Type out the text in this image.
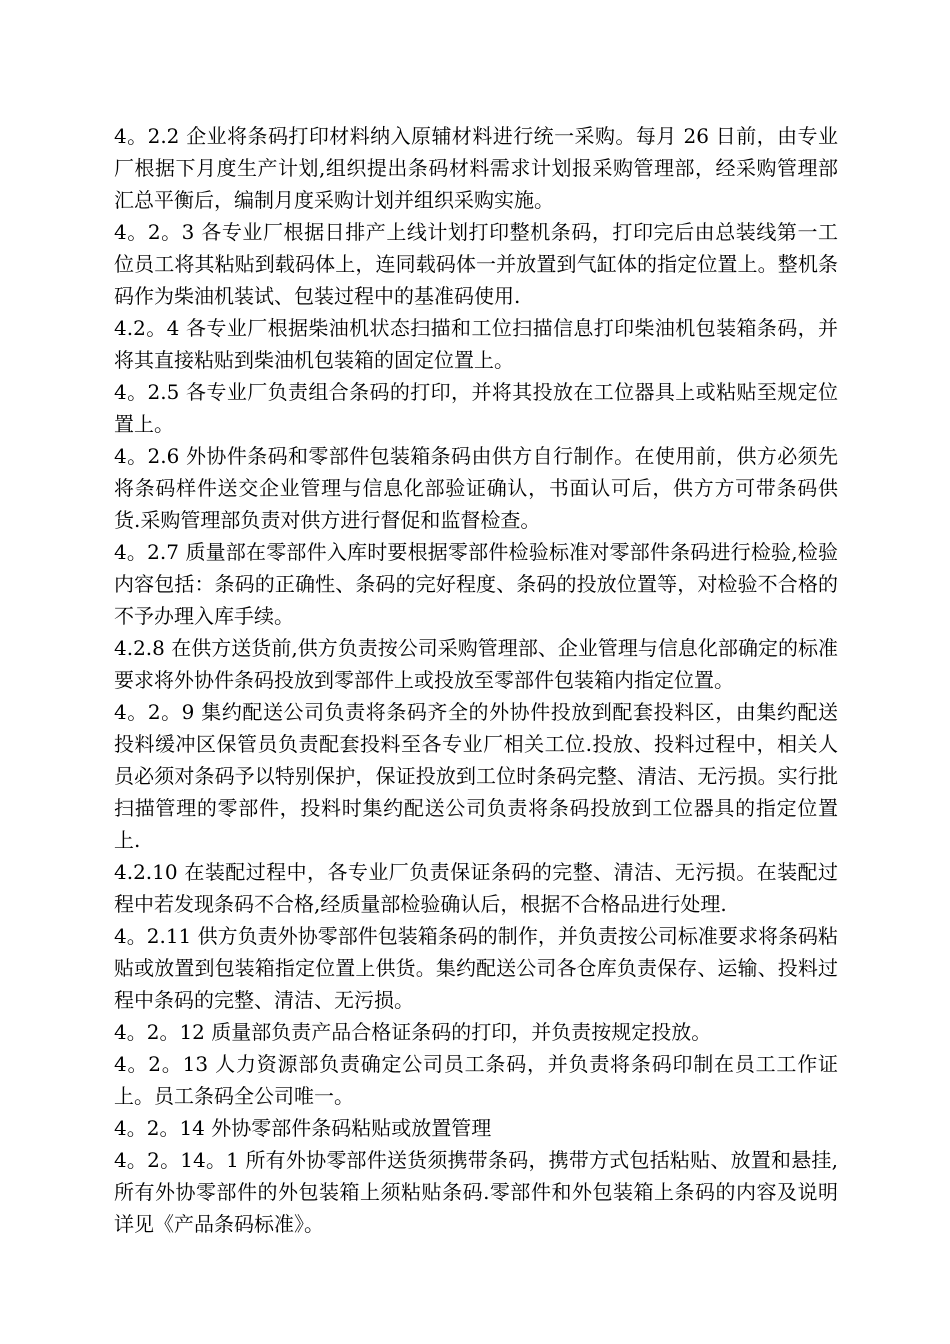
4。2.2 企业将条码打印材料纳入原辅材料进行统一采购。每月 26 日前，由专业厂根据下月度生产计划,组织提出条码材料需求计划报采购管理部，经采购管理部汇总平衡后，编制月度采购计划并组织采购实施。

4。2。3 各专业厂根据日排产上线计划打印整机条码，打印完后由总装线第一工位员工将其粘贴到载码体上，连同载码体一并放置到气缸体的指定位置上。整机条码作为柴油机装试、包装过程中的基准码使用.

4.2。4 各专业厂根据柴油机状态扫描和工位扫描信息打印柴油机包装箱条码，并将其直接粘贴到柴油机包装箱的固定位置上。

4。2.5 各专业厂负责组合条码的打印，并将其投放在工位器具上或粘贴至规定位置上。

4。2.6 外协件条码和零部件包装箱条码由供方自行制作。在使用前，供方必须先将条码样件送交企业管理与信息化部验证确认，书面认可后，供方方可带条码供货.采购管理部负责对供方进行督促和监督检查。

4。2.7 质量部在零部件入库时要根据零部件检验标准对零部件条码进行检验,检验内容包括：条码的正确性、条码的完好程度、条码的投放位置等，对检验不合格的不予办理入库手续。

4.2.8 在供方送货前,供方负责按公司采购管理部、企业管理与信息化部确定的标准要求将外协件条码投放到零部件上或投放至零部件包装箱内指定位置。

4。2。9 集约配送公司负责将条码齐全的外协件投放到配套投料区，由集约配送投料缓冲区保管员负责配套投料至各专业厂相关工位.投放、投料过程中，相关人员必须对条码予以特别保护，保证投放到工位时条码完整、清洁、无污损。实行批扫描管理的零部件，投料时集约配送公司负责将条码投放到工位器具的指定位置上.

4.2.10 在装配过程中，各专业厂负责保证条码的完整、清洁、无污损。在装配过程中若发现条码不合格,经质量部检验确认后，根据不合格品进行处理.

4。2.11 供方负责外协零部件包装箱条码的制作，并负责按公司标准要求将条码粘贴或放置到包装箱指定位置上供货。集约配送公司各仓库负责保存、运输、投料过程中条码的完整、清洁、无污损。

4。2。12 质量部负责产品合格证条码的打印，并负责按规定投放。

4。2。13 人力资源部负责确定公司员工条码，并负责将条码印制在员工工作证上。员工条码全公司唯一。

4。2。14 外协零部件条码粘贴或放置管理

4。2。14。1 所有外协零部件送货须携带条码，携带方式包括粘贴、放置和悬挂,所有外协零部件的外包装箱上须粘贴条码.零部件和外包装箱上条码的内容及说明详见《产品条码标准》。
